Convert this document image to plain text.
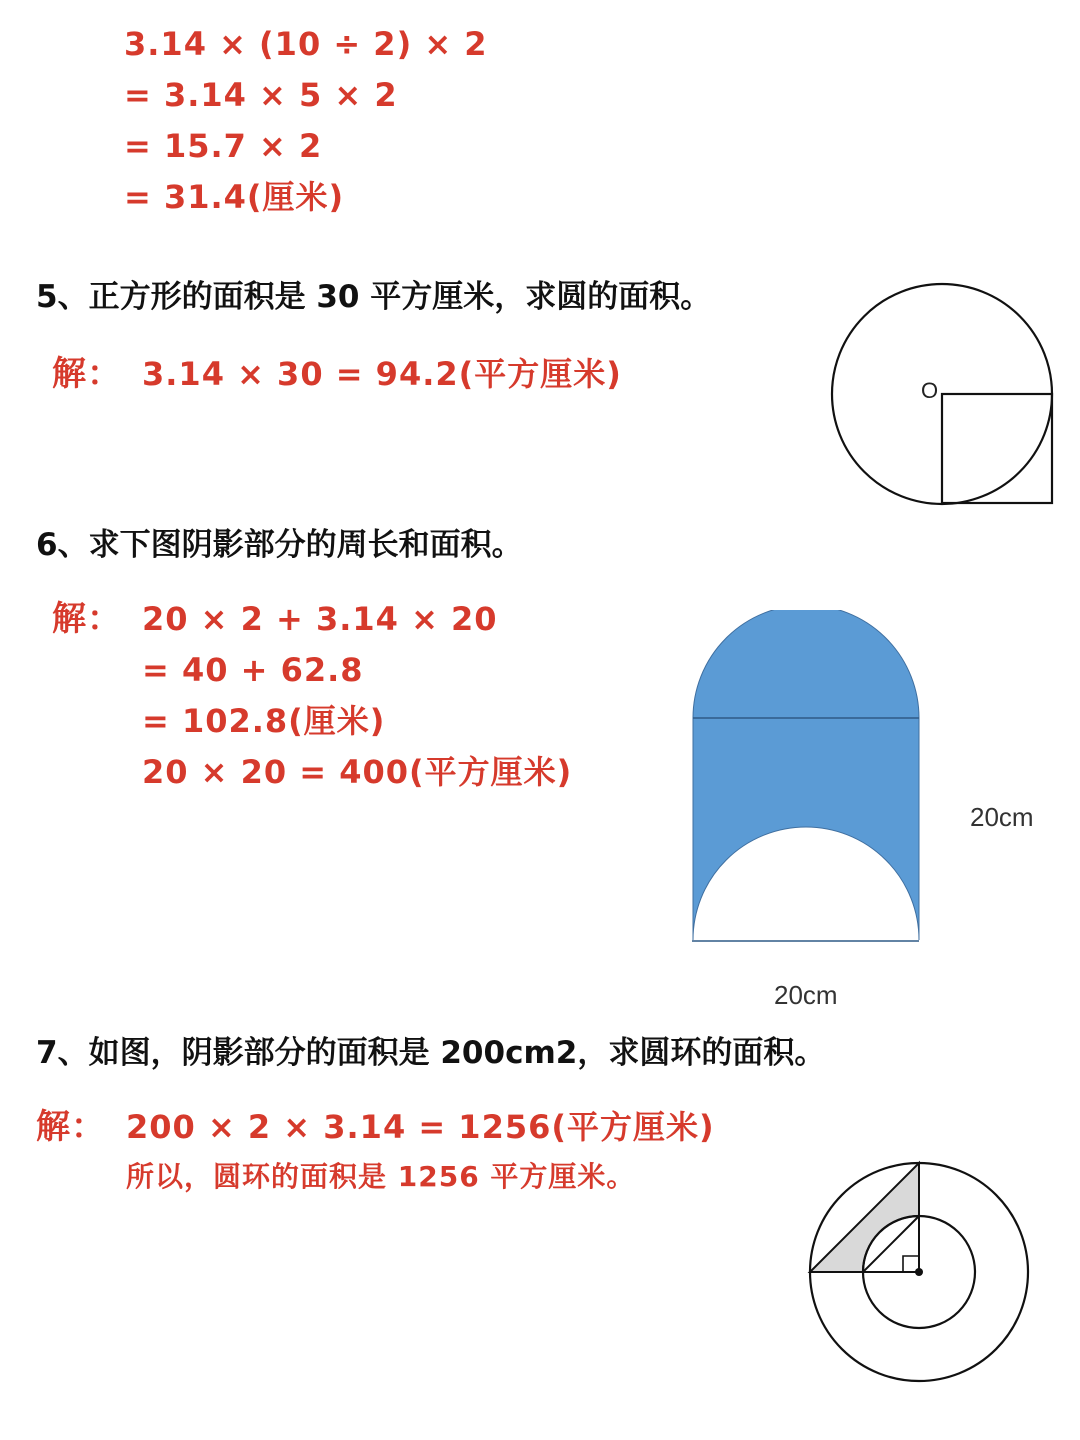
3.14 × (10 ÷ 2) × 2
= 3.14 × 5 × 2
= 15.7 × 2
= 31.4(厘米)
5、正方形的面积是 30 平方厘米，求圆的面积。
解： 3.14 × 30 = 94.2(平方厘米)	O
6、求下图阴影部分的周长和面积。
解： 20 × 2 + 3.14 × 20
= 40 + 62.8
= 102.8(厘米)
20 × 20 = 400(平方厘米)
20cm
20cm
7、如图，阴影部分的面积是 200cm2，求圆环的面积。
解： 200 × 2 × 3.14 = 1256(平方厘米)
所以，圆环的面积是 1256 平方厘米。
